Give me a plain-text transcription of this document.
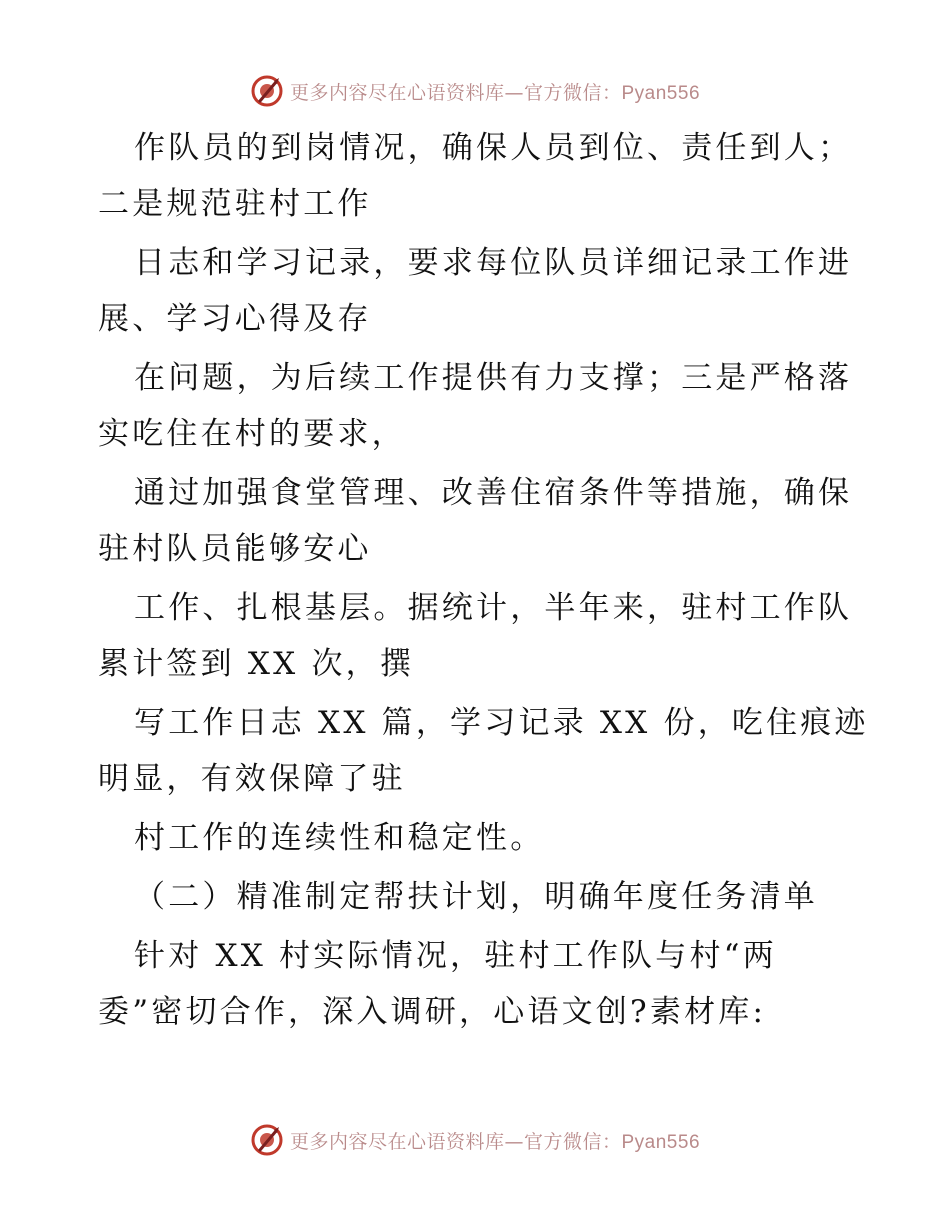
更多内容尽在心语资料库—官方微信：Pyan556
作队员的到岗情况，确保人员到位、责任到人；
二是规范驻村工作
日志和学习记录，要求每位队员详细记录工作进
展、学习心得及存
在问题，为后续工作提供有力支撑；三是严格落
实吃住在村的要求，
通过加强食堂管理、改善住宿条件等措施，确保
驻村队员能够安心
工作、扎根基层。据统计，半年来，驻村工作队
累计签到 XX 次，撰
写工作日志 XX 篇，学习记录 XX 份，吃住痕迹
明显，有效保障了驻
村工作的连续性和稳定性。
（二）精准制定帮扶计划，明确年度任务清单
针对 XX 村实际情况，驻村工作队与村“两
委”密切合作，深入调研，心语文创?素材库:
更多内容尽在心语资料库—官方微信：Pyan556
